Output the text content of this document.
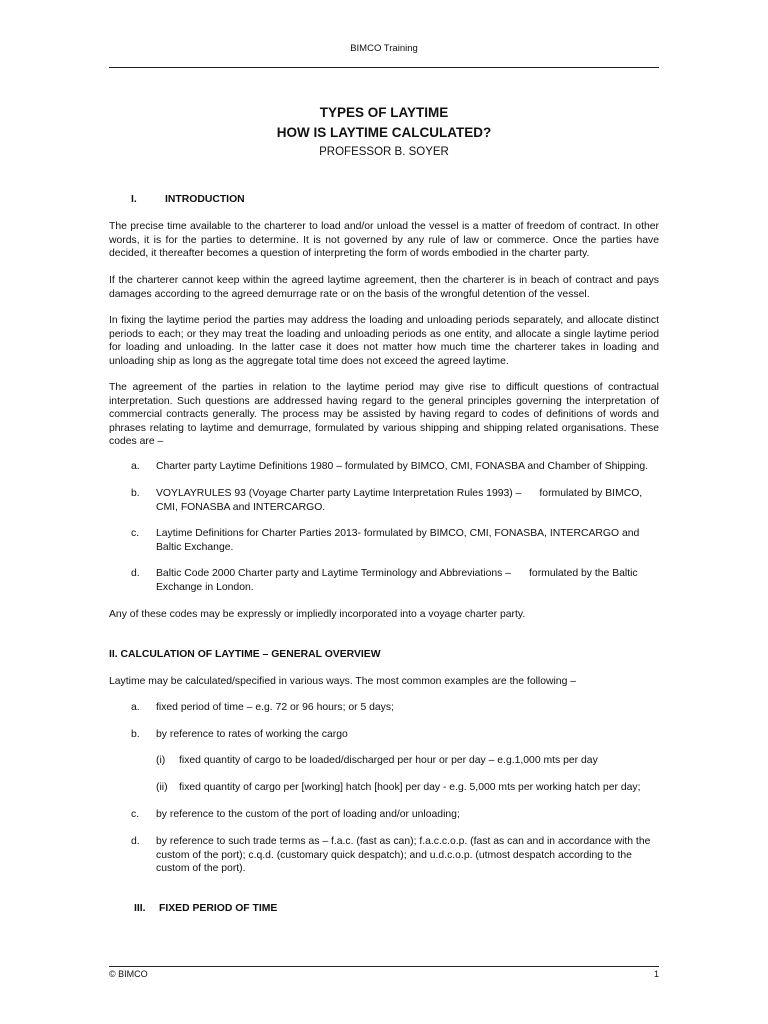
BIMCO Training
TYPES OF LAYTIME
HOW IS LAYTIME CALCULATED?
PROFESSOR B. SOYER
I.	INTRODUCTION
The precise time available to the charterer to load and/or unload the vessel is a matter of freedom of contract. In other words, it is for the parties to determine. It is not governed by any rule of law or commerce. Once the parties have decided, it thereafter becomes a question of interpreting the form of words embodied in the charter party.
If the charterer cannot keep within the agreed laytime agreement, then the charterer is in beach of contract and pays damages according to the agreed demurrage rate or on the basis of the wrongful detention of the vessel.
In fixing the laytime period the parties may address the loading and unloading periods separately, and allocate distinct periods to each; or they may treat the loading and unloading periods as one entity, and allocate a single laytime period for loading and unloading. In the latter case it does not matter how much time the charterer takes in loading and unloading ship as long as the aggregate total time does not exceed the agreed laytime.
The agreement of the parties in relation to the laytime period may give rise to difficult questions of contractual interpretation. Such questions are addressed having regard to the general principles governing the interpretation of commercial contracts generally. The process may be assisted by having regard to codes of definitions of words and phrases relating to laytime and demurrage, formulated by various shipping and shipping related organisations. These codes are –
a. Charter party Laytime Definitions 1980 – formulated by BIMCO, CMI, FONASBA and Chamber of Shipping.
b. VOYLAYRULES 93 (Voyage Charter party Laytime Interpretation Rules 1993) – formulated by BIMCO, CMI, FONASBA and INTERCARGO.
c. Laytime Definitions for Charter Parties 2013- formulated by BIMCO, CMI, FONASBA, INTERCARGO and Baltic Exchange.
d. Baltic Code 2000 Charter party and Laytime Terminology and Abbreviations – formulated by the Baltic Exchange in London.
Any of these codes may be expressly or impliedly incorporated into a voyage charter party.
II. CALCULATION OF LAYTIME – GENERAL OVERVIEW
Laytime may be calculated/specified in various ways. The most common examples are the following –
a. fixed period of time – e.g. 72 or 96 hours; or 5 days;
b. by reference to rates of working the cargo
(i) fixed quantity of cargo to be loaded/discharged per hour or per day – e.g.1,000 mts per day
(ii) fixed quantity of cargo per [working] hatch [hook] per day - e.g. 5,000 mts per working hatch per day;
c. by reference to the custom of the port of loading and/or unloading;
d. by reference to such trade terms as – f.a.c. (fast as can); f.a.c.c.o.p. (fast as can and in accordance with the custom of the port); c.q.d. (customary quick despatch); and u.d.c.o.p. (utmost despatch according to the custom of the port).
III. FIXED PERIOD OF TIME
© BIMCO	1
